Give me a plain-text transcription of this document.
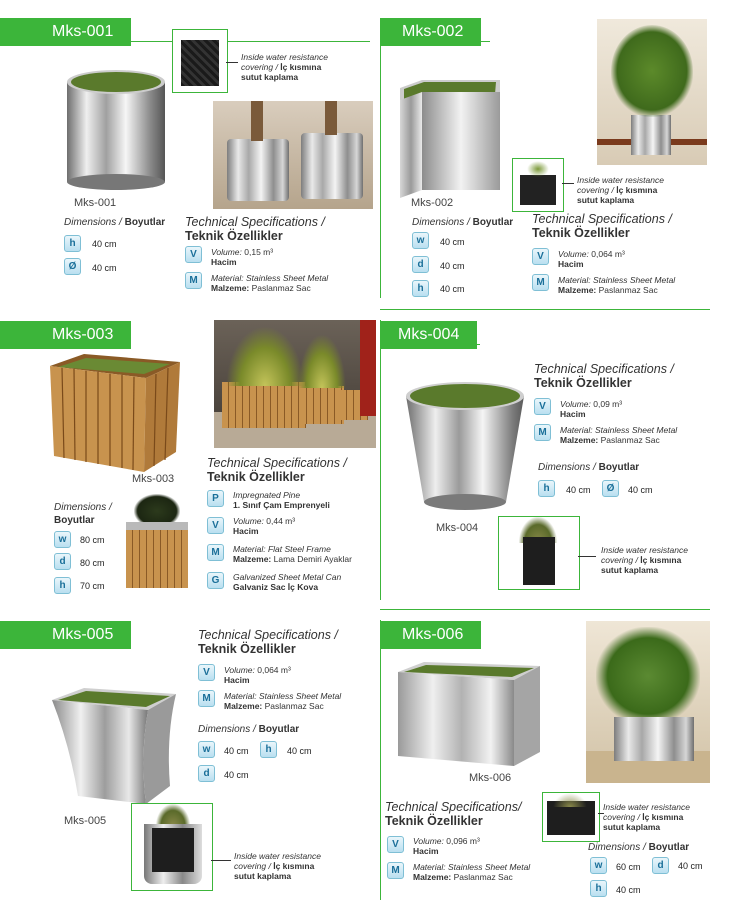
Mks-001
Mks-001
Inside water resistance
covering / İç kısmına
sutut kaplama
Dimensions / Boyutlar
h	40 cm
Ø	40 cm
Technical Specifications /
Teknik Özellikler
V	Volume: 0,15 m³
Hacim
M	Material: Stainless Sheet Metal
Malzeme: Paslanmaz Sac
Mks-002
Mks-002
Inside water resistance
covering / İç kısmına
sutut kaplama
Dimensions / Boyutlar
w	40 cm
d	40 cm
h	40 cm
Technical Specifications /
Teknik Özellikler
V	Volume: 0,064 m³
Hacim
M	Material: Stainless Sheet Metal
Malzeme: Paslanmaz Sac
Mks-003
Mks-003
Technical Specifications /
Teknik Özellikler
P	Impregnated Pine
1. Sınıf Çam Emprenyeli
V	Volume: 0,44 m³
Hacim
M	Material: Flat Steel Frame
Malzeme: Lama Demiri Ayaklar
G	Galvanized Sheet Metal Can
Galvaniz Sac İç Kova
Dimensions /
Boyutlar
w	80 cm
d	80 cm
h	70 cm
Mks-004
Technical Specifications /
Teknik Özellikler
V	Volume: 0,09 m³
Hacim
M	Material: Stainless Sheet Metal
Malzeme: Paslanmaz Sac
Mks-004
Dimensions / Boyutlar
h	40 cm	Ø	40 cm
Inside water resistance
covering / İç kısmına
sutut kaplama
Mks-005	Technical Specifications /
Teknik Özellikler
V	Volume: 0,064 m³
Hacim
M	Material: Stainless Sheet Metal
Malzeme: Paslanmaz Sac
Dimensions / Boyutlar
w	40 cm	h	40 cm
d	40 cm
Mks-005
Inside water resistance
covering / İç kısmına
sutut kaplama
Mks-006
Mks-006
Technical Specifications/
Teknik Özellikler
V	Volume: 0,096 m³
Hacim
M	Material: Stainless Sheet Metal
Malzeme: Paslanmaz Sac
Inside water resistance
covering / İç kısmına
sutut kaplama
Dimensions / Boyutlar
w	60 cm	d	40 cm
h	40 cm
